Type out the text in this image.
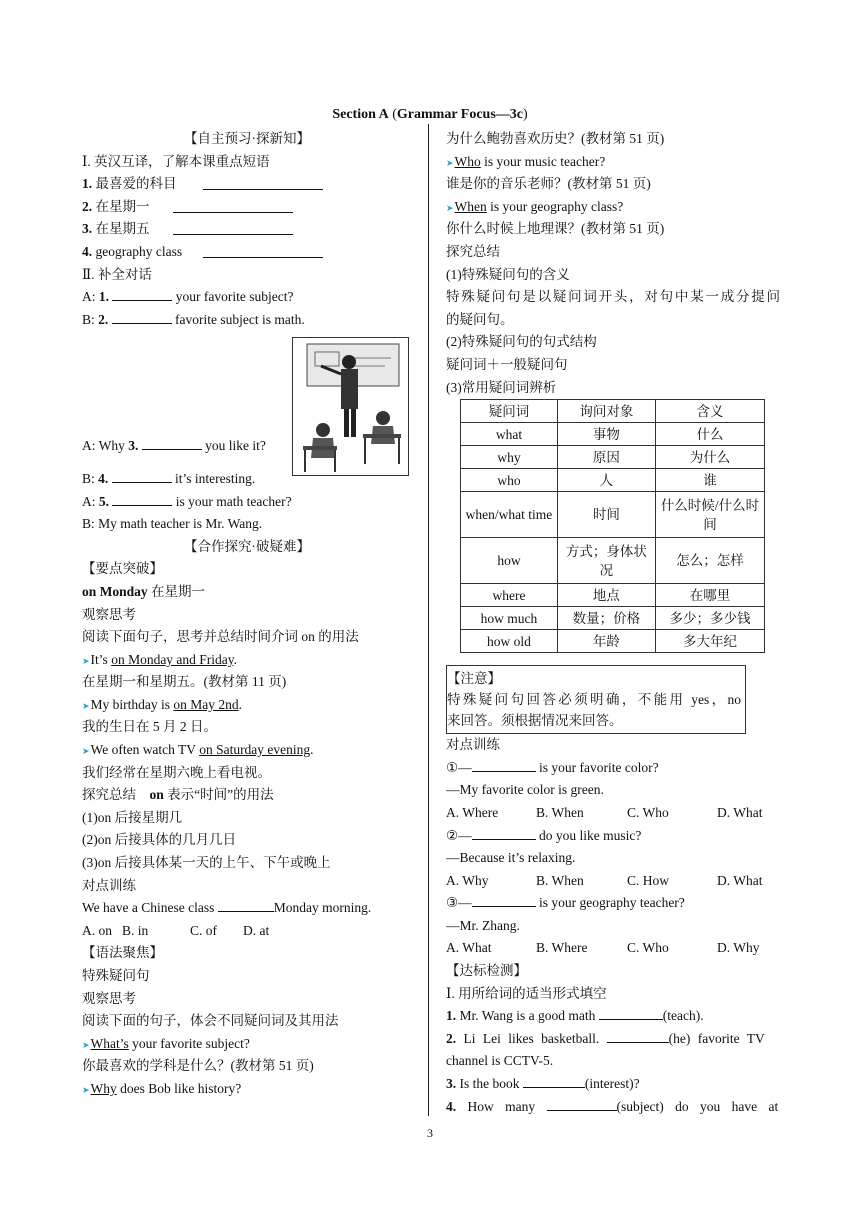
Section A (Grammar Focus—3c)
【自主预习·探新知】
Ⅰ. 英汉互译，了解本课重点短语
1. 最喜爱的科目
2. 在星期一
3. 在星期五
4. geography class
Ⅱ. 补全对话
A: 1.	your favorite subject?
B: 2.	favorite subject is math.
A: Why 3.	you like it?
B: 4.	it’s interesting.
A: 5.	is your math teacher?
B: My math teacher is Mr. Wang.
【合作探究·破疑难】
【要点突破】
on Monday 在星期一
观察思考
阅读下面句子，思考并总结时间介词 on 的用法
➤It’s on Monday and Friday.
在星期一和星期五。(教材第 11 页)
➤My birthday is on May 2nd.
我的生日在 5 月 2 日。
➤We often watch TV on Saturday evening.
我们经常在星期六晚上看电视。
探究总结 on 表示“时间”的用法
(1)on 后接星期几
(2)on 后接具体的几月几日
(3)on 后接具体某一天的上午、下午或晚上
对点训练
We have a Chinese class	Monday morning.
A. on B. in	C. of D. at
【语法聚焦】
特殊疑问句
观察思考
阅读下面的句子，体会不同疑问词及其用法
➤What’s your favorite subject?
你最喜欢的学科是什么？(教材第 51 页)
➤Why does Bob like history?
为什么鲍勃喜欢历史？(教材第 51 页)
➤Who is your music teacher?
谁是你的音乐老师？(教材第 51 页)
➤When is your geography class?
你什么时候上地理课？(教材第 51 页)
探究总结
(1)特殊疑问句的含义
特殊疑问句是以疑问词开头，对句中某一成分提问
的疑问句。
(2)特殊疑问句的句式结构
疑问词＋一般疑问句
(3)常用疑问词辨析
疑问词	询问对象	含义
what	事物	什么
why	原因	为什么
who	人	谁
when/what time	时间	什么时候/什么时间
how	方式；身体状况	怎么；怎样
where	地点	在哪里
how much	数量；价格	多少；多少钱
how old	年龄	多大年纪
【注意】
特殊疑问句回答必须明确，不能用 yes，no
来回答。须根据情况来回答。
对点训练
①—	is your favorite color?
—My favorite color is green.
A. Where	B. When	C. Who	D. What
②—	do you like music?
—Because it’s relaxing.
A. Why	B. When	C. How	D. What
③—	is your geography teacher?
—Mr. Zhang.
A. What	B. Where	C. Who	D. Why
【达标检测】
Ⅰ. 用所给词的适当形式填空
1. Mr. Wang is a good math	(teach).
2. Li Lei likes basketball.	(he) favorite TV
channel is CCTV-5.
3. Is the book	(interest)?
4. How many	(subject) do you have at
3
